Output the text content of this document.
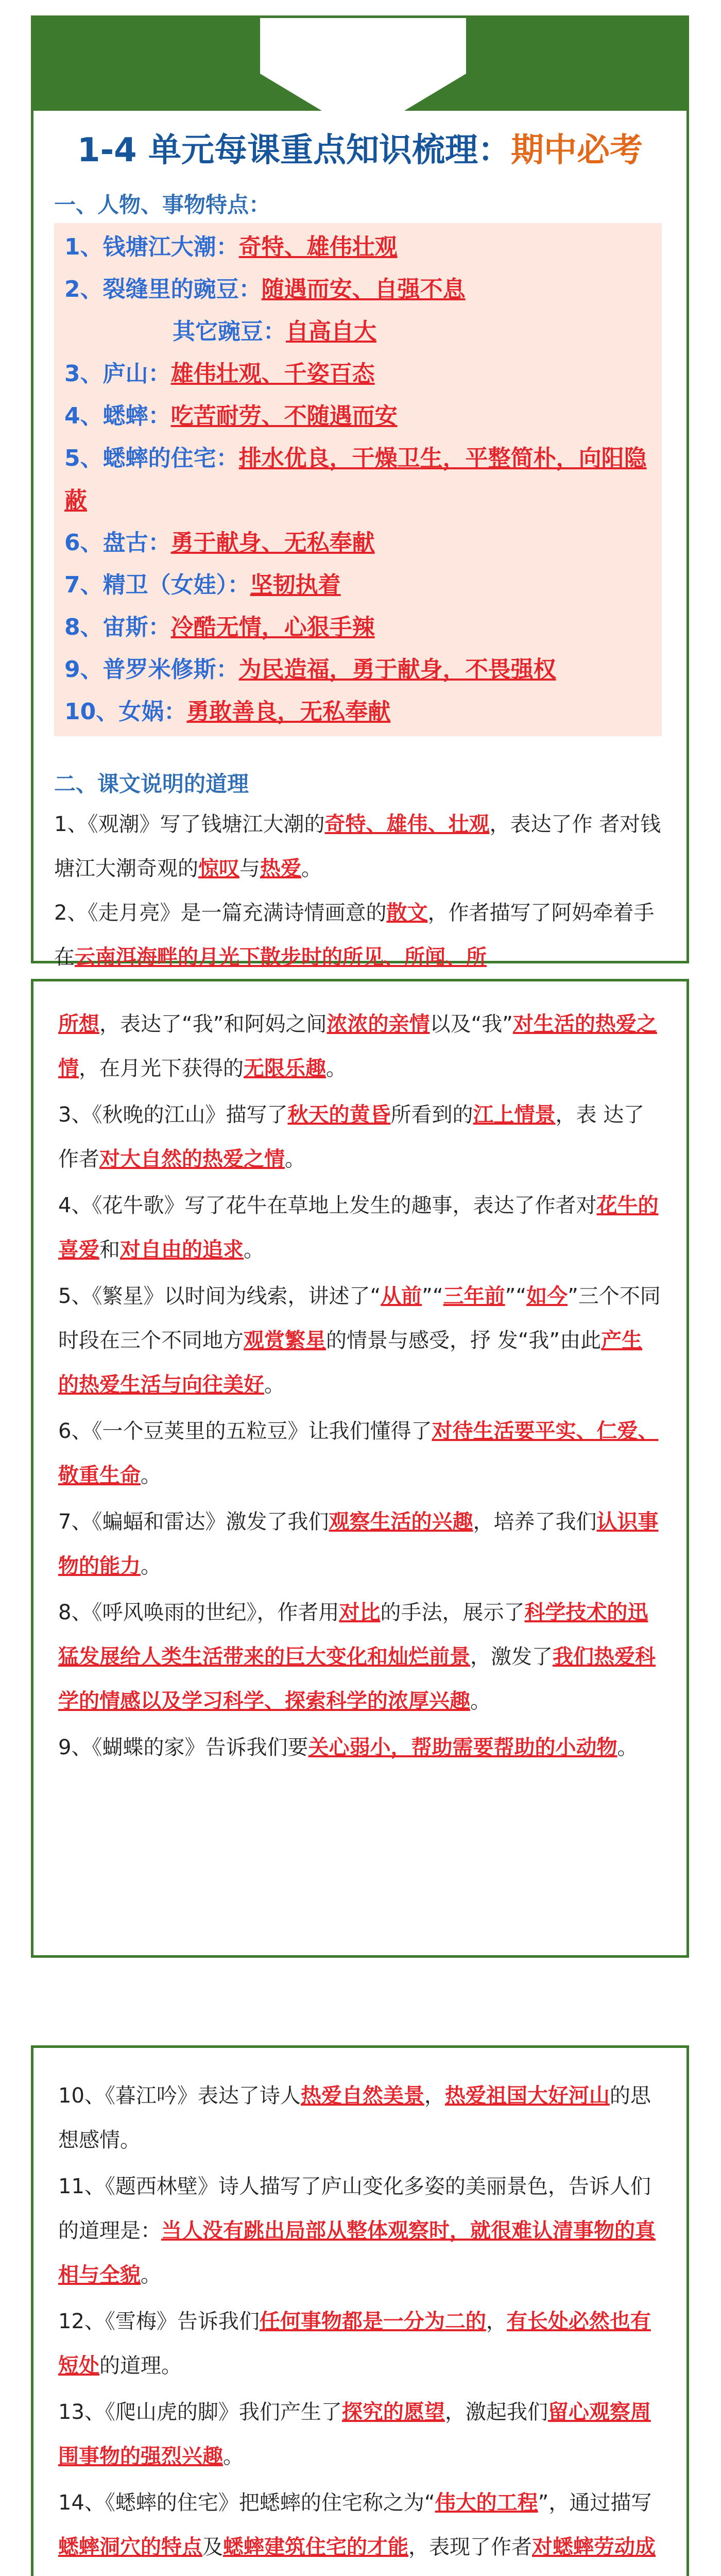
K
1-4 单元每课重点知识梳理：期中必考

一、人物、事物特点：

1、钱塘江大潮：奇特、雄伟壮观
2、裂缝里的豌豆：随遇而安、自强不息
其它豌豆：自高自大
3、庐山：雄伟壮观、千姿百态
4、蟋蟀：吃苦耐劳、不随遇而安
5、蟋蟀的住宅：排水优良，干燥卫生，平整简朴，向阳隐蔽
6、盘古：勇于献身、无私奉献
7、精卫（女娃）：坚韧执着
8、宙斯：冷酷无情，心狠手辣
9、普罗米修斯：为民造福，勇于献身，不畏强权
10、女娲：勇敢善良，无私奉献

二、课文说明的道理

1、《观潮》写了钱塘江大潮的奇特、雄伟、壮观，表达了作 者对钱塘江大潮奇观的惊叹与热爱。

2、《走月亮》是一篇充满诗情画意的散文，作者描写了阿妈牵着手在云南洱海畔的月光下散步时的所见、所闻、所

所想，表达了“我”和阿妈之间浓浓的亲情以及“我”对生活的热爱之情，在月光下获得的无限乐趣。

3、《秋晚的江山》描写了秋天的黄昏所看到的江上情景，表 达了作者对大自然的热爱之情。

4、《花牛歌》写了花牛在草地上发生的趣事，表达了作者对花牛的喜爱和对自由的追求。

5、《繁星》以时间为线索，讲述了“从前”“三年前”“如今”三个不同时段在三个不同地方观赏繁星的情景与感受，抒 发“我”由此产生的热爱生活与向往美好。

6、《一个豆荚里的五粒豆》让我们懂得了对待生活要平实、仁爱、敬重生命。

7、《蝙蝠和雷达》激发了我们观察生活的兴趣，培养了我们认识事物的能力。

8、《呼风唤雨的世纪》，作者用对比的手法，展示了科学技术的迅猛发展给人类生活带来的巨大变化和灿烂前景，激发了我们热爱科学的情感以及学习科学、探索科学的浓厚兴趣。

9、《蝴蝶的家》告诉我们要关心弱小，帮助需要帮助的小动物。

10、《暮江吟》表达了诗人热爱自然美景，热爱祖国大好河山的思想感情。

11、《题西林壁》诗人描写了庐山变化多姿的美丽景色，告诉人们的道理是：当人没有跳出局部从整体观察时，就很难认清事物的真相与全貌。

12、《雪梅》告诉我们任何事物都是一分为二的，有长处必然也有短处的道理。

13、《爬山虎的脚》我们产生了探究的愿望，激起我们留心观察周围事物的强烈兴趣。

14、《蟋蟀的住宅》把蟋蟀的住宅称之为“伟大的工程”，通过描写蟋蟀洞穴的特点及蟋蟀建筑住宅的才能，表现了作者对蟋蟀劳动成
